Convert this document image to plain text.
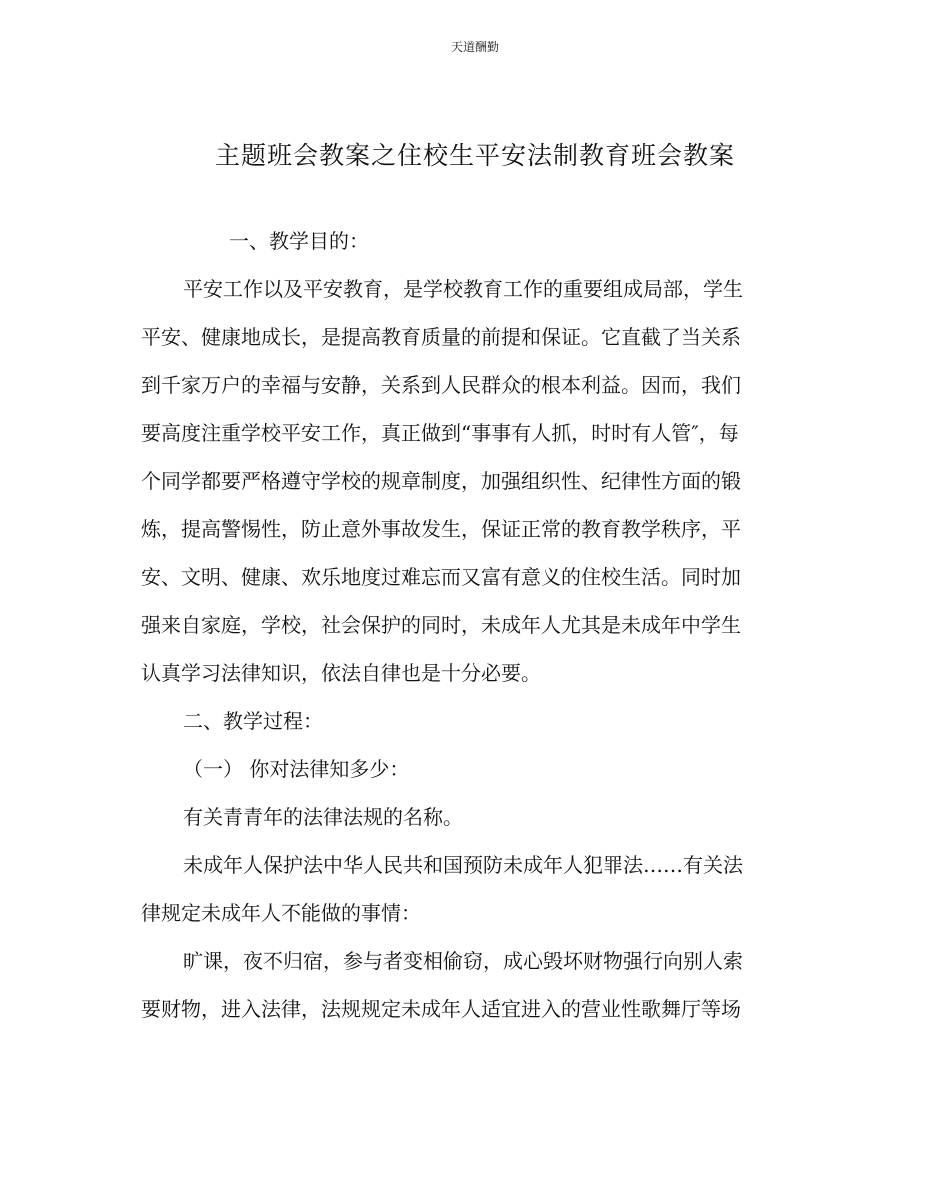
天道酬勤
主题班会教案之住校生平安法制教育班会教案
一、教学目的：
平安工作以及平安教育，是学校教育工作的重要组成局部，学生
平安、健康地成长，是提高教育质量的前提和保证。它直截了当关系
到千家万户的幸福与安静，关系到人民群众的根本利益。因而，我们
要高度注重学校平安工作，真正做到“事事有人抓，时时有人管″，每
个同学都要严格遵守学校的规章制度，加强组织性、纪律性方面的锻
炼，提高警惕性，防止意外事故发生，保证正常的教育教学秩序，平
安、文明、健康、欢乐地度过难忘而又富有意义的住校生活。同时加
强来自家庭，学校，社会保护的同时，未成年人尤其是未成年中学生
认真学习法律知识，依法自律也是十分必要。
二、教学过程：
（一） 你对法律知多少：
有关青青年的法律法规的名称。
未成年人保护法中华人民共和国预防未成年人犯罪法……有关法
律规定未成年人不能做的事情：
旷课，夜不归宿，参与者变相偷窃，成心毁坏财物强行向别人索
要财物，进入法律，法规规定未成年人适宜进入的营业性歌舞厅等场
